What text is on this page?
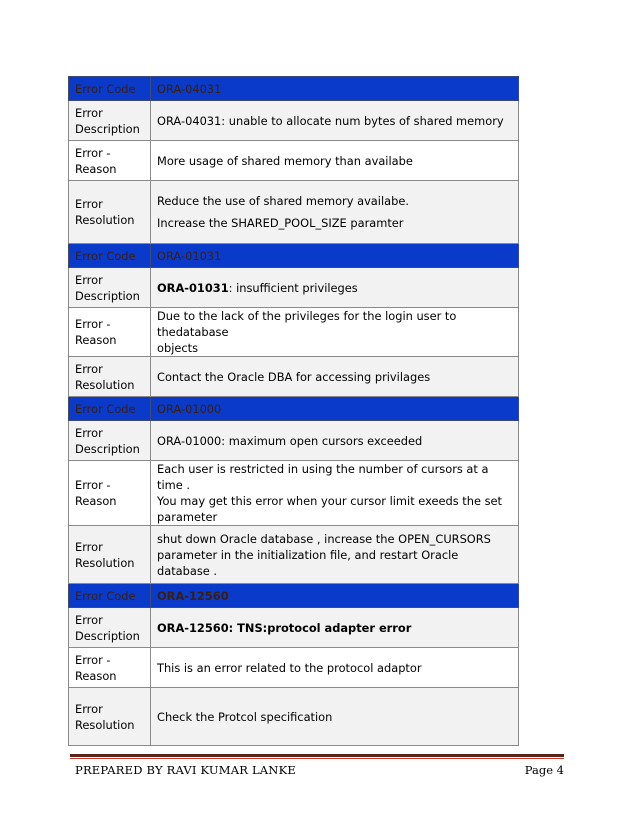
Error Code	ORA-04031

Error
Description	ORA-04031: unable to allocate num bytes of shared memory

Error -
Reason	More usage of shared memory than availabe

Error
Resolution	Reduce the use of shared memory availabe.
Increase the SHARED_POOL_SIZE paramter

Error Code	ORA-01031

Error
Description	ORA-01031: insufficient privileges

Error -
Reason	Due to the lack of the privileges for the login user to thedatabase
objects

Error
Resolution	Contact the Oracle DBA for accessing privilages

Error Code	ORA-01000

Error
Description	ORA-01000: maximum open cursors exceeded

Error -
Reason	Each user is restricted in using the number of cursors at a time .
You may get this error when your cursor limit exeeds the set
parameter

Error
Resolution	shut down Oracle database , increase the OPEN_CURSORS
parameter in the initialization file, and restart Oracle database .

Error Code	ORA-12560

Error
Description	ORA-12560: TNS:protocol adapter error

Error -
Reason	This is an error related to the protocol adaptor

Error
Resolution	Check the Protcol specification
PREPARED BY RAVI KUMAR LANKE	Page 4
